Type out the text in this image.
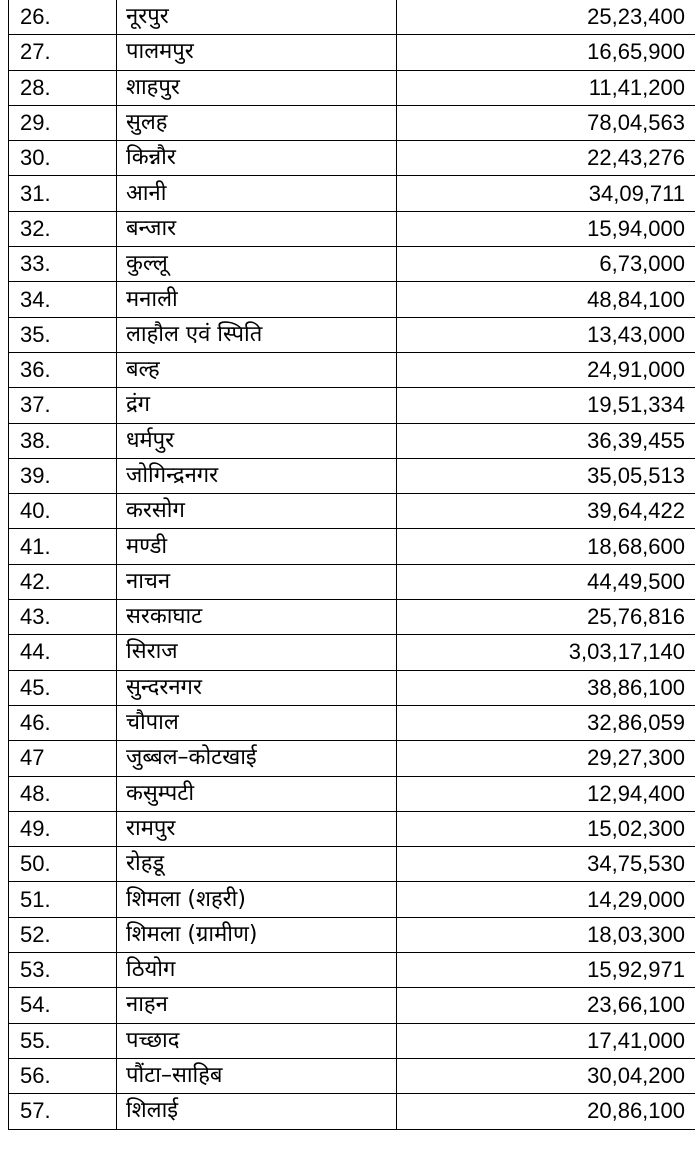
26.	नूरपुर	25,23,400
27.	पालमपुर	16,65,900
28.	शाहपुर	11,41,200
29.	सुलह	78,04,563
30.	किन्नौर	22,43,276
31.	आनी	34,09,711
32.	बन्जार	15,94,000
33.	कुल्लू	6,73,000
34.	मनाली	48,84,100
35.	लाहौल एवं स्पिति	13,43,000
36.	बल्ह	24,91,000
37.	द्रंग	19,51,334
38.	धर्मपुर	36,39,455
39.	जोगिन्द्रनगर	35,05,513
40.	करसोग	39,64,422
41.	मण्डी	18,68,600
42.	नाचन	44,49,500
43.	सरकाघाट	25,76,816
44.	सिराज	3,03,17,140
45.	सुन्दरनगर	38,86,100
46.	चौपाल	32,86,059
47	जुब्बल–कोटखाई	29,27,300
48.	कसुम्पटी	12,94,400
49.	रामपुर	15,02,300
50.	रोहडू	34,75,530
51.	शिमला (शहरी)	14,29,000
52.	शिमला (ग्रामीण)	18,03,300
53.	ठियोग	15,92,971
54.	नाहन	23,66,100
55.	पच्छाद	17,41,000
56.	पौंटा–साहिब	30,04,200
57.	शिलाई	20,86,100
